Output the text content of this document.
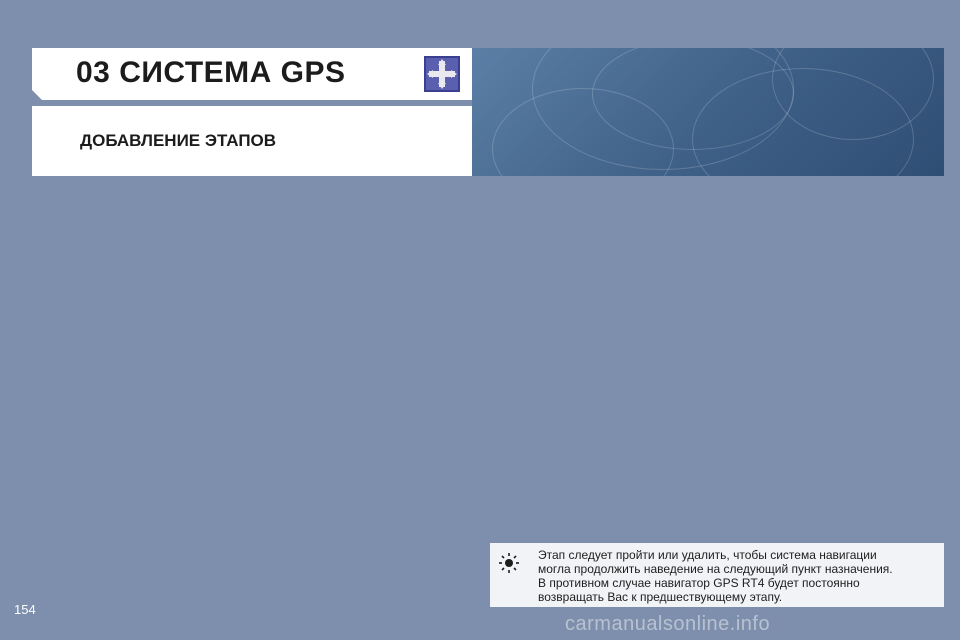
03 СИСТЕМА GPS
ДОБАВЛЕНИЕ ЭТАПОВ
Этап следует пройти или удалить, чтобы система навигации
могла продолжить наведение на следующий пункт назначения.
В противном случае навигатор GPS RT4 будет постоянно
возвращать Вас к предшествующему этапу.
154
carmanualsonline.info
